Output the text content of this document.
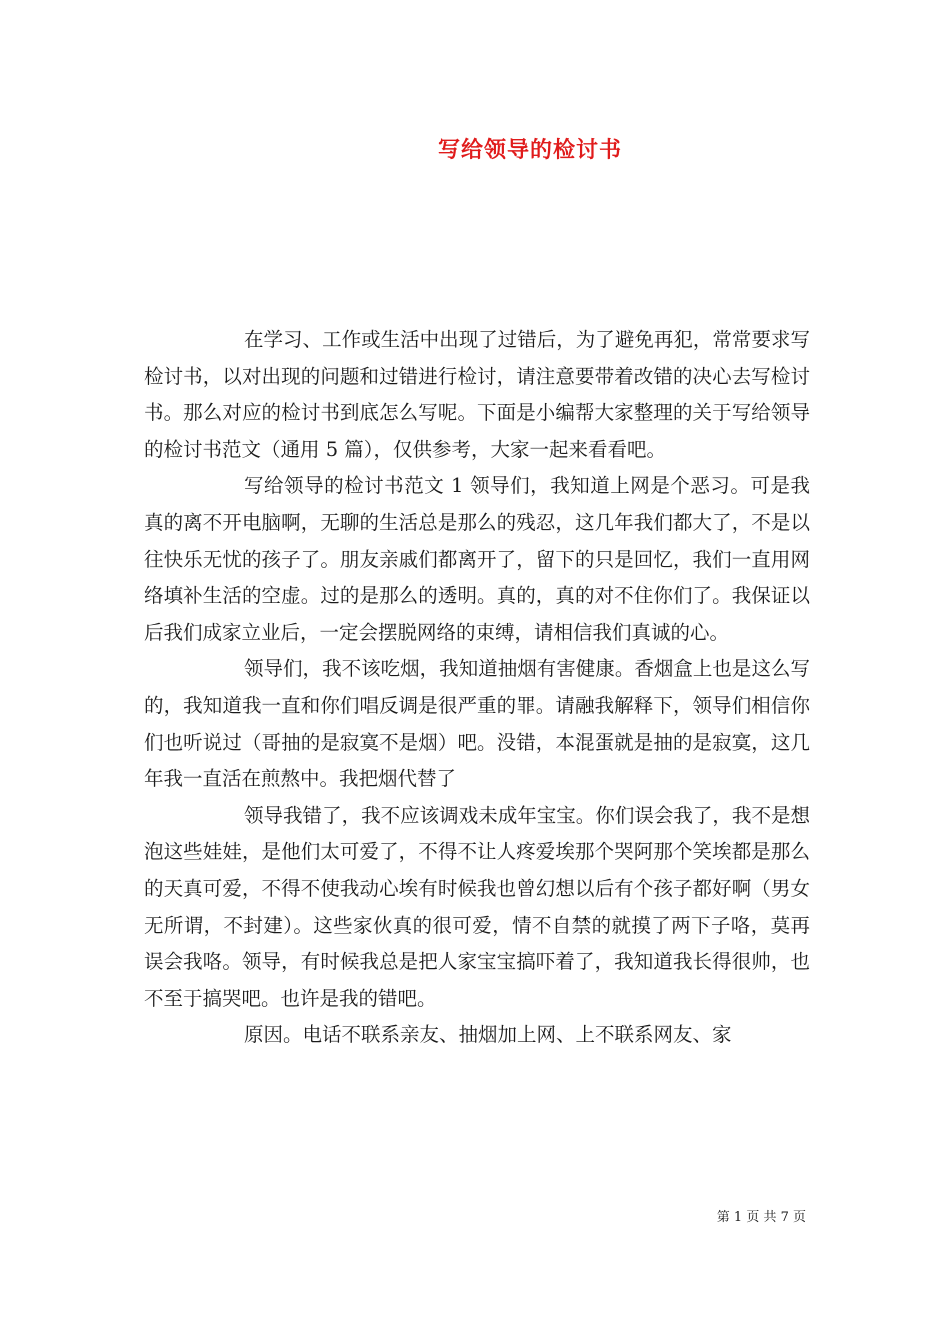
写给领导的检讨书

在学习、工作或生活中出现了过错后，为了避免再犯，常常要求写检讨书，以对出现的问题和过错进行检讨，请注意要带着改错的决心去写检讨书。那么对应的检讨书到底怎么写呢。下面是小编帮大家整理的关于写给领导的检讨书范文（通用 5 篇），仅供参考，大家一起来看看吧。

写给领导的检讨书范文 1 领导们，我知道上网是个恶习。可是我真的离不开电脑啊，无聊的生活总是那么的残忍，这几年我们都大了，不是以往快乐无忧的孩子了。朋友亲戚们都离开了，留下的只是回忆，我们一直用网络填补生活的空虚。过的是那么的透明。真的，真的对不住你们了。我保证以后我们成家立业后，一定会摆脱网络的束缚，请相信我们真诚的心。

领导们，我不该吃烟，我知道抽烟有害健康。香烟盒上也是这么写的，我知道我一直和你们唱反调是很严重的罪。请融我解释下，领导们相信你们也听说过（哥抽的是寂寞不是烟）吧。没错，本混蛋就是抽的是寂寞，这几年我一直活在煎熬中。我把烟代替了

领导我错了，我不应该调戏未成年宝宝。你们误会我了，我不是想泡这些娃娃，是他们太可爱了，不得不让人疼爱埃那个哭阿那个笑埃都是那么的天真可爱，不得不使我动心埃有时候我也曾幻想以后有个孩子都好啊（男女无所谓，不封建）。这些家伙真的很可爱，情不自禁的就摸了两下子咯，莫再误会我咯。领导，有时候我总是把人家宝宝搞吓着了，我知道我长得很帅，也不至于搞哭吧。也许是我的错吧。

原因。电话不联系亲友、抽烟加上网、上不联系网友、家

第 1 页 共 7 页
